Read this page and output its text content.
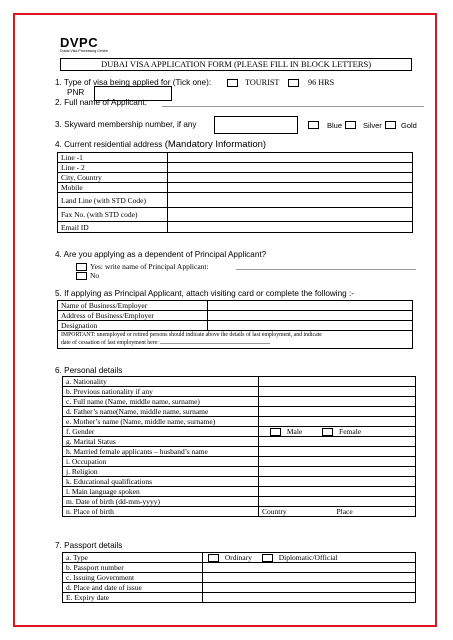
DVPC
Dubai Visa Processing Centre
DUBAI VISA APPLICATION FORM (PLEASE FILL IN BLOCK LETTERS)
1. Type of visa being applied for (Tick one):	TOURIST	96 HRS
PNR
2. Full name of Applicant:
3. Skyward membership number, if any	Blue	Silver	Gold
4. Current residential address (Mandatory Information)
Line -1	
Line - 2	
City, Country	
Mobile	
Land Line (with STD Code)	
Fax No. (with STD code)	
Email ID	
4. Are you applying as a dependent of Principal Applicant?
Yes: write name of Principal Applicant:
No
5. If applying as Principal Applicant, attach visiting card or complete the following :-
Name of Business/Employer	
Address of Business/Employer	
Designation	

IMPORTANT: unemployed or retired persons should indicate above the details of last employment, and indicate
date of cessation of last employment here:	
6. Personal details
a. Nationality	
b. Previous nationality if any	
c. Full name (Name, middle name, surname)	
d. Father’s name(Name, middle name, surname	
e. Mother’s name (Name, middle name, surname)	
f. Gender	Male Female
g. Marital Status	
h. Married female applicants – husband’s name	
i. Occupation	
j. Religion	
k. Educational qualifications	
l. Main language spoken	
m. Date of birth (dd-mm-yyyy)	
n. Place of birth	Country Place
7. Passport details
a. Type	Ordinary Diplomatic/Official
b. Passport number	
c. Issuing Government	
d. Place and date of issue	
E. Expiry date	
